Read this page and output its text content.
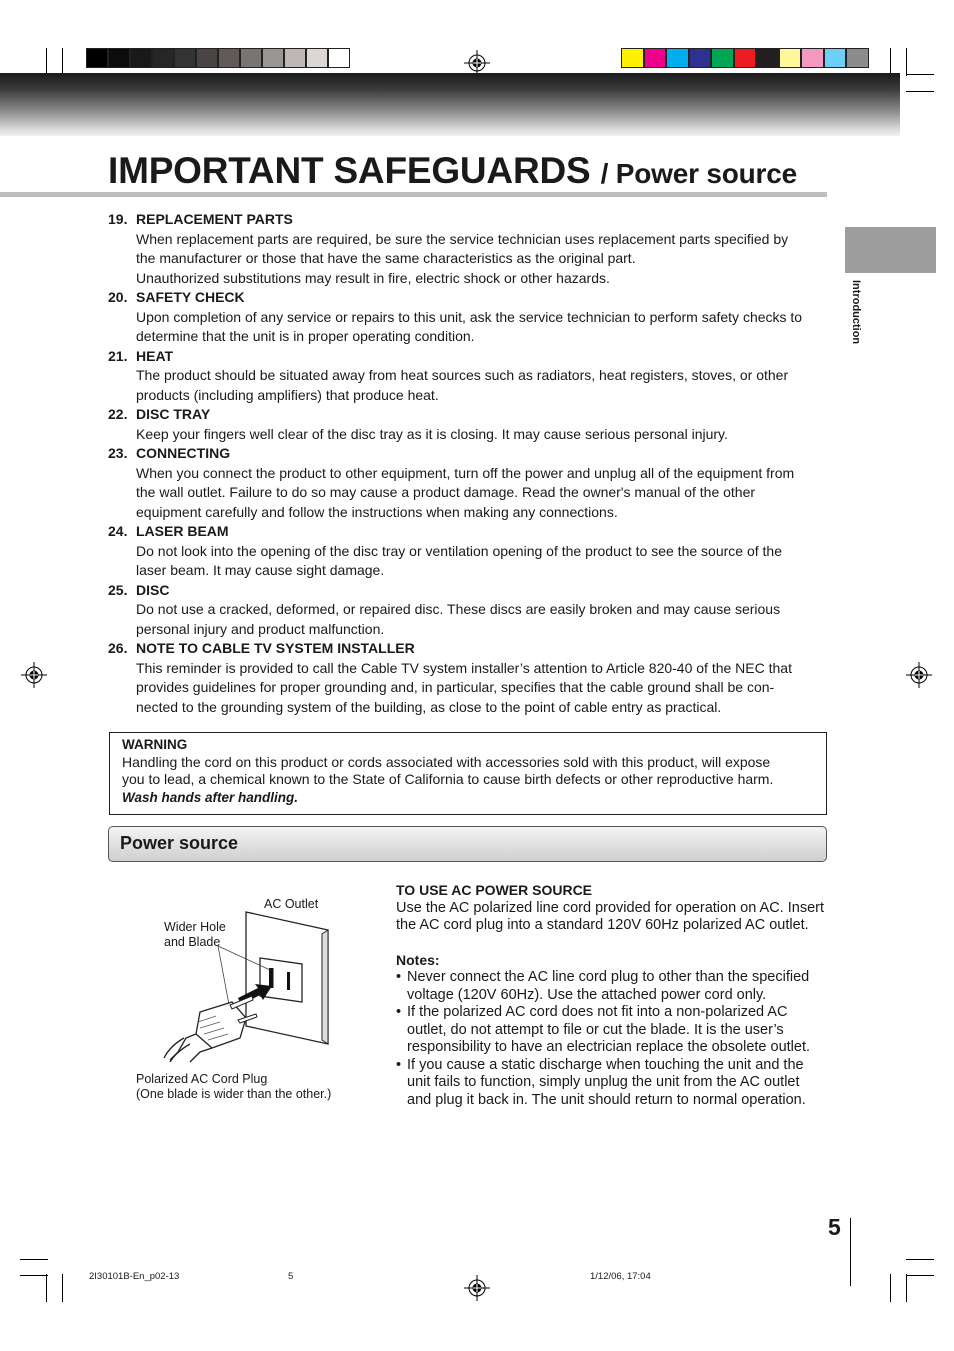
IMPORTANT SAFEGUARDS / Power source
Introduction
19. REPLACEMENT PARTS
When replacement parts are required, be sure the service technician uses replacement parts specified by
the manufacturer or those that have the same characteristics as the original part.
Unauthorized substitutions may result in fire, electric shock or other hazards.
20. SAFETY CHECK
Upon completion of any service or repairs to this unit, ask the service technician to perform safety checks to
determine that the unit is in proper operating condition.
21. HEAT
The product should be situated away from heat sources such as radiators, heat registers, stoves, or other
products (including amplifiers) that produce heat.
22. DISC TRAY
Keep your fingers well clear of the disc tray as it is closing. It may cause serious personal injury.
23. CONNECTING
When you connect the product to other equipment, turn off the power and unplug all of the equipment from
the wall outlet. Failure to do so may cause a product damage. Read the owner's manual of the other
equipment carefully and follow the instructions when making any connections.
24. LASER BEAM
Do not look into the opening of the disc tray or ventilation opening of the product to see the source of the
laser beam. It may cause sight damage.
25. DISC
Do not use a cracked, deformed, or repaired disc. These discs are easily broken and may cause serious
personal injury and product malfunction.
26. NOTE TO CABLE TV SYSTEM INSTALLER
This reminder is provided to call the Cable TV system installer’s attention to Article 820-40 of the NEC that
provides guidelines for proper grounding and, in particular, specifies that the cable ground shall be con-
nected to the grounding system of the building, as close to the point of cable entry as practical.
WARNING
Handling the cord on this product or cords associated with accessories sold with this product, will expose
you to lead, a chemical known to the State of California to cause birth defects or other reproductive harm.
Wash hands after handling.
Power source
AC Outlet
Wider Hole
and Blade
Polarized AC Cord Plug
(One blade is wider than the other.)
TO USE AC POWER SOURCE
Use the AC polarized line cord provided for operation on AC. Insert
the AC cord plug into a standard 120V 60Hz polarized AC outlet.
Notes:
• Never connect the AC line cord plug to other than the specified
voltage (120V 60Hz). Use the attached power cord only.
• If the polarized AC cord does not fit into a non-polarized AC
outlet, do not attempt to file or cut the blade. It is the user’s
responsibility to have an electrician replace the obsolete outlet.
• If you cause a static discharge when touching the unit and the
unit fails to function, simply unplug the unit from the AC outlet
and plug it back in. The unit should return to normal operation.
5
2I30101B-En_p02-13	5	1/12/06, 17:04
